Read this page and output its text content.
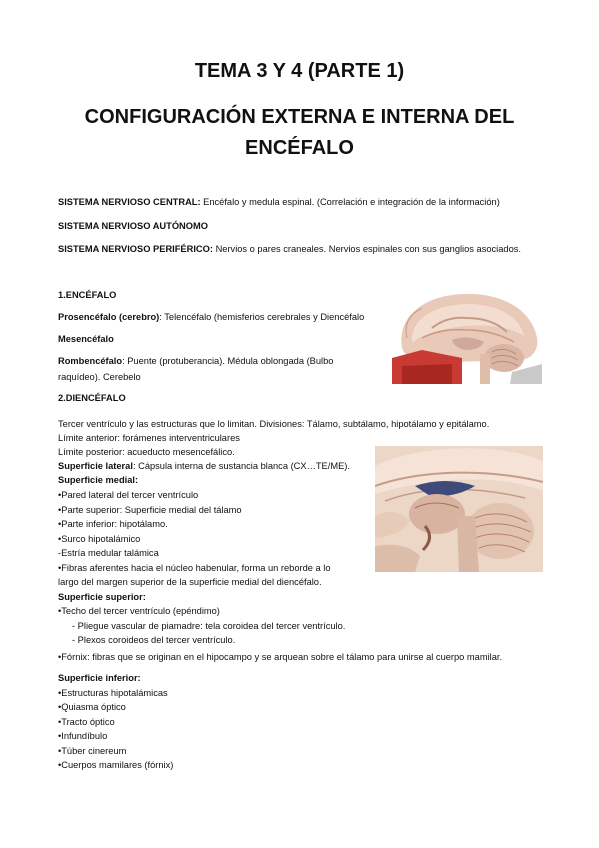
TEMA 3 Y 4 (PARTE 1)
CONFIGURACIÓN EXTERNA E INTERNA DEL ENCÉFALO
SISTEMA NERVIOSO CENTRAL: Encéfalo y medula espinal. (Correlación e integración de la información)
SISTEMA NERVIOSO AUTÓNOMO
SISTEMA NERVIOSO PERIFÉRICO: Nervios o pares craneales. Nervios espinales con sus ganglios asociados.
1.ENCÉFALO
Prosencéfalo (cerebro): Telencéfalo (hemisferios cerebrales y Diencéfalo
Mesencéfalo
Rombencéfalo: Puente (protuberancia). Médula oblongada (Bulbo
raquídeo). Cerebelo
2.DIENCÉFALO
Tercer ventrículo y las estructuras que lo limitan. Divisiones: Tálamo, subtálamo, hipotálamo y epitálamo.
Límite anterior: forámenes interventriculares
Límite posterior: acueducto mesencefálico.
Superficie lateral: Cápsula interna de sustancia blanca (CX…TE/ME).
Superficie medial:
•Pared lateral del tercer ventrículo
•Parte superior: Superficie medial del tálamo
•Parte inferior: hipotálamo.
•Surco hipotalámico
-Estría medular talámica
•Fibras aferentes hacia el núcleo habenular, forma un reborde a lo
largo del margen superior de la superficie medial del diencéfalo.
Superficie superior:
•Techo del tercer ventrículo (epéndimo)
- Pliegue vascular de piamadre: tela coroidea del tercer ventrículo.
- Plexos coroideos del tercer ventrículo.
•Fórnix: fibras que se originan en el hipocampo y se arquean sobre el tálamo para unirse al cuerpo mamilar.
Superficie inferior:
•Estructuras hipotalámicas
•Quiasma óptico
•Tracto óptico
•Infundíbulo
•Túber cinereum
•Cuerpos mamilares (fórnix)
